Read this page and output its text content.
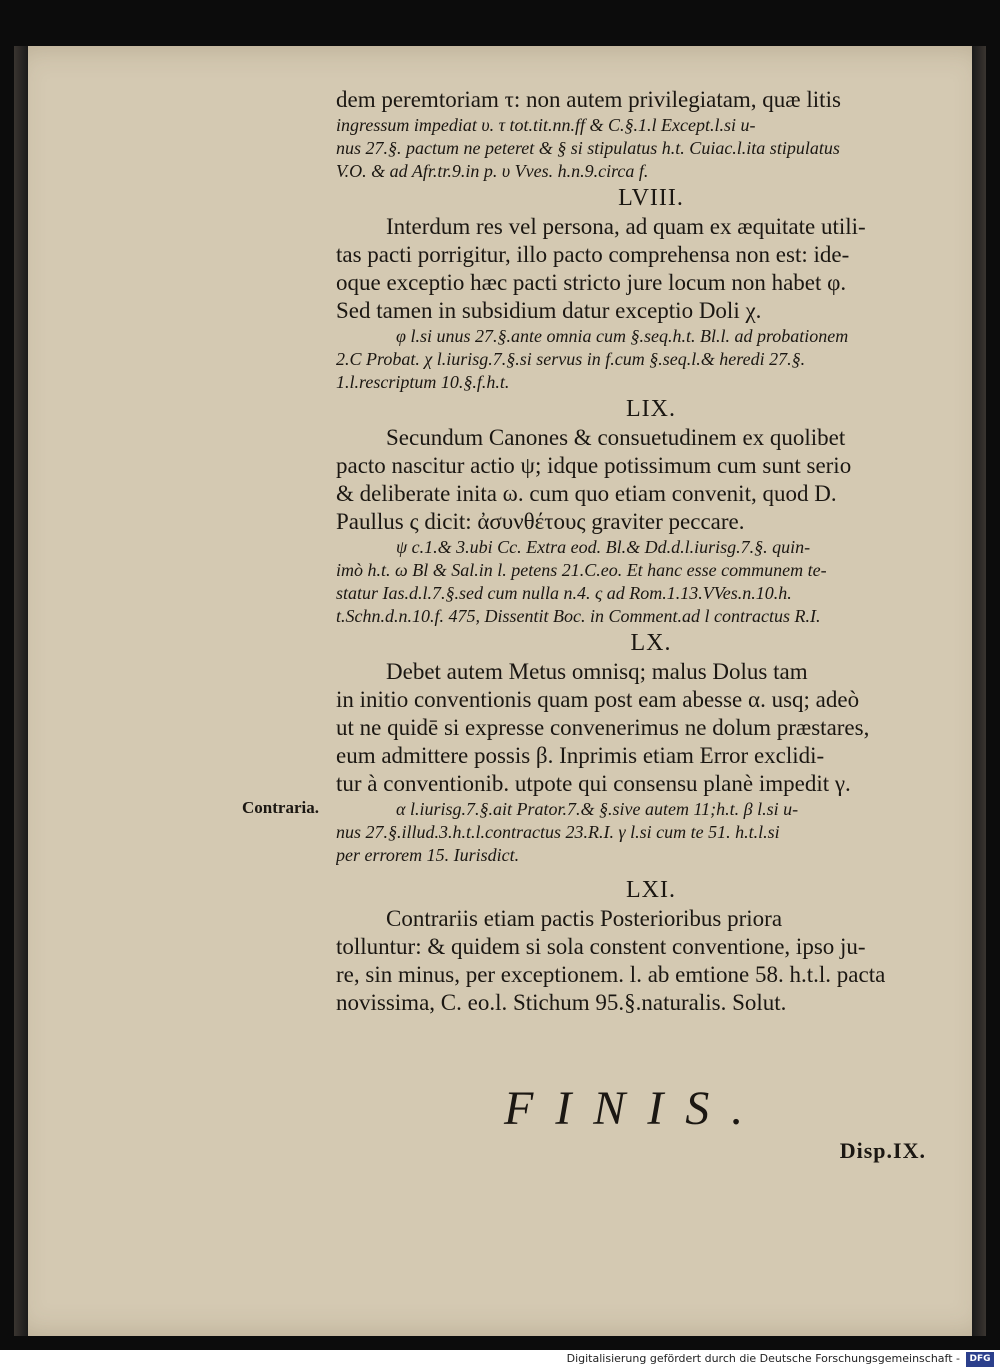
dem peremtoriam τ: non autem privilegiatam, quæ litis
ingressum impediat υ. τ tot.tit.nn.ff & C.§.1.l Except.l.si u-
nus 27.§. pactum ne peteret & § si stipulatus h.t. Cuiac.l.ita stipulatus
V.O. & ad Afr.tr.9.in p. υ Vves. h.n.9.circa f.
LVIII.
Interdum res vel persona, ad quam ex æquitate utili-
tas pacti porrigitur, illo pacto comprehensa non est: ide-
oque exceptio hæc pacti stricto jure locum non habet φ.
Sed tamen in subsidium datur exceptio Doli χ.
φ l.si unus 27.§.ante omnia cum §.seq.h.t. Bl.l. ad probationem
2.C Probat. χ l.iurisg.7.§.si servus in f.cum §.seq.l.& heredi 27.§.
1.l.rescriptum 10.§.f.h.t.
LIX.
Secundum Canones & consuetudinem ex quolibet
pacto nascitur actio ψ; idque potissimum cum sunt serio
& deliberate inita ω. cum quo etiam convenit, quod D.
Paullus ς dicit: ἀσυνθέτους graviter peccare.
ψ c.1.& 3.ubi Cc. Extra eod. Bl.& Dd.d.l.iurisg.7.§. quin-
imò h.t. ω Bl & Sal.in l. petens 21.C.eo. Et hanc esse communem te-
statur Ias.d.l.7.§.sed cum nulla n.4. ς ad Rom.1.13.VVes.n.10.h.
t.Schn.d.n.10.f. 475, Dissentit Boc. in Comment.ad l contractus R.I.
LX.
Debet autem Metus omnisq; malus Dolus tam
in initio conventionis quam post eam abesse α. usq; adeò
ut ne quidē si expresse convenerimus ne dolum præstares,
eum admittere possis β. Inprimis etiam Error exclidi-
tur à conventionib. utpote qui consensu planè impedit γ.
α l.iurisg.7.§.ait Prator.7.& §.sive autem 11;h.t. β l.si u-
nus 27.§.illud.3.h.t.l.contractus 23.R.I. γ l.si cum te 51. h.t.l.si
per errorem 15. Iurisdict.
LXI.
Contrariis etiam pactis Posterioribus priora
tolluntur: & quidem si sola constent conventione, ipso ju-
re, sin minus, per exceptionem. l. ab emtione 58. h.t.l. pacta
novissima, C. eo.l. Stichum 95.§.naturalis. Solut.
Contraria.
FINIS.
Disp.IX.
Digitalisierung gefördert durch die Deutsche Forschungsgemeinschaft -	DFG
